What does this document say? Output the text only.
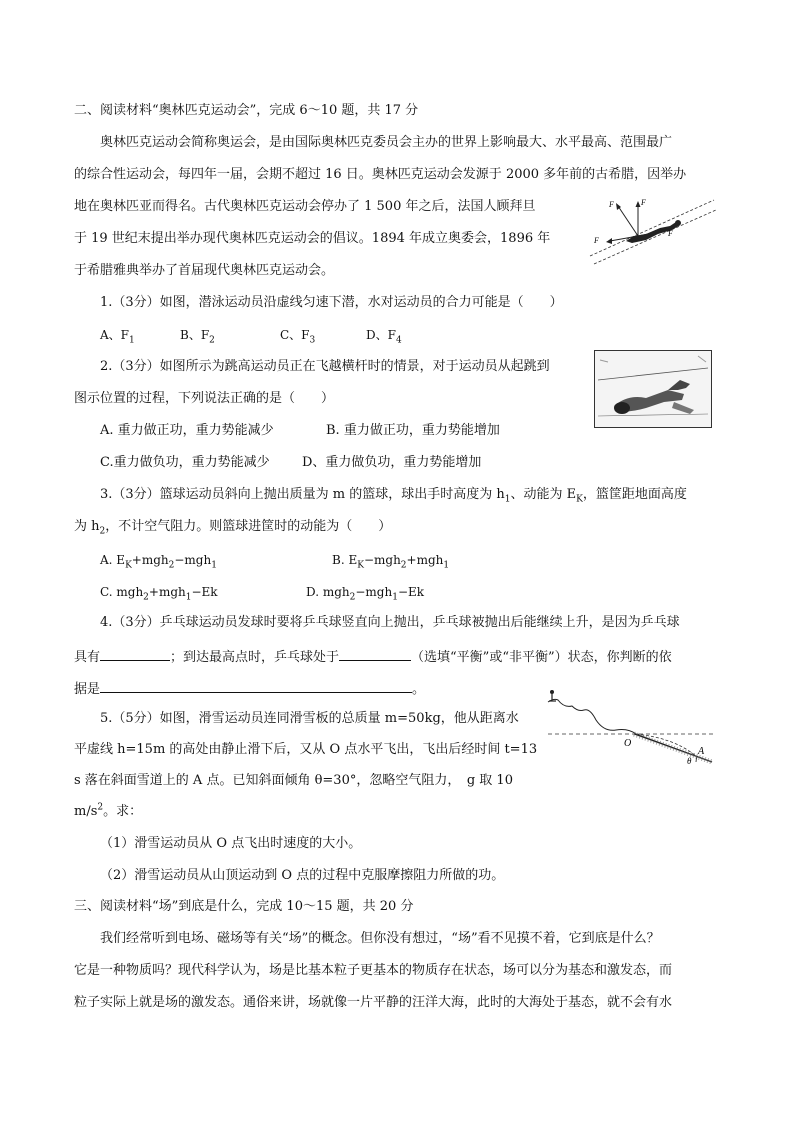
二、阅读材料“奥林匹克运动会”，完成 6～10 题，共 17 分
奥林匹克运动会简称奥运会，是由国际奥林匹克委员会主办的世界上影响最大、水平最高、范围最广
的综合性运动会，每四年一届，会期不超过 16 日。奥林匹克运动会发源于 2000 多年前的古希腊，因举办
地在奥林匹亚而得名。古代奥林匹克运动会停办了 1 500 年之后，法国人顾拜旦
于 19 世纪末提出举办现代奥林匹克运动会的倡议。1894 年成立奥委会，1896 年
于希腊雅典举办了首届现代奥林匹克运动会。
F	F
F
F
1.（3分）如图，潜泳运动员沿虚线匀速下潜，水对运动员的合力可能是（　　）
A、$F_1$	B、$F_2$	C、$F_3$	D、$F_4$
2.（3分）如图所示为跳高运动员正在飞越横杆时的情景，对于运动员从起跳到
图示位置的过程，下列说法正确的是（　　）
A. 重力做正功，重力势能减少	B. 重力做正功，重力势能增加
C.重力做负功，重力势能减少 D、重力做负功，重力势能增加
3.（3分）篮球运动员斜向上抛出质量为 m 的篮球，球出手时高度为 $h_1$、动能为 $E_K$，篮筐距地面高度
为 $h_2$，不计空气阻力。则篮球进筐时的动能为（　　）
A. $E_K+mgh_2-mgh_1$	B. $E_K-mgh_2+mgh_1$
C. mgh$_2$+mgh$_1$−Ek	D. mgh$_2$−mgh$_1$−Ek
4.（3分）乒乓球运动员发球时要将乒乓球竖直向上抛出，乒乓球被抛出后能继续上升，是因为乒乓球
具有	；到达最高点时，乒乓球处于	（选填“平衡”或“非平衡”）状态，你判断的依
据是	。
O
A
θ
5.（5分）如图，滑雪运动员连同滑雪板的总质量 m=50kg，他从距离水
平虚线 h=15m 的高处由静止滑下后，又从 O 点水平飞出，飞出后经时间 t=13
s 落在斜面雪道上的 A 点。已知斜面倾角 θ=30°，忽略空气阻力，　g 取 10
$m/s^2$。求：
（1）滑雪运动员从 O 点飞出时速度的大小。
（2）滑雪运动员从山顶运动到 O 点的过程中克服摩擦阻力所做的功。
三、阅读材料“场”到底是什么，完成 10～15 题，共 20 分
我们经常听到电场、磁场等有关“场”的概念。但你没有想过，“场”看不见摸不着，它到底是什么？
它是一种物质吗？现代科学认为，场是比基本粒子更基本的物质存在状态，场可以分为基态和激发态，而
粒子实际上就是场的激发态。通俗来讲，场就像一片平静的汪洋大海，此时的大海处于基态，就不会有水
